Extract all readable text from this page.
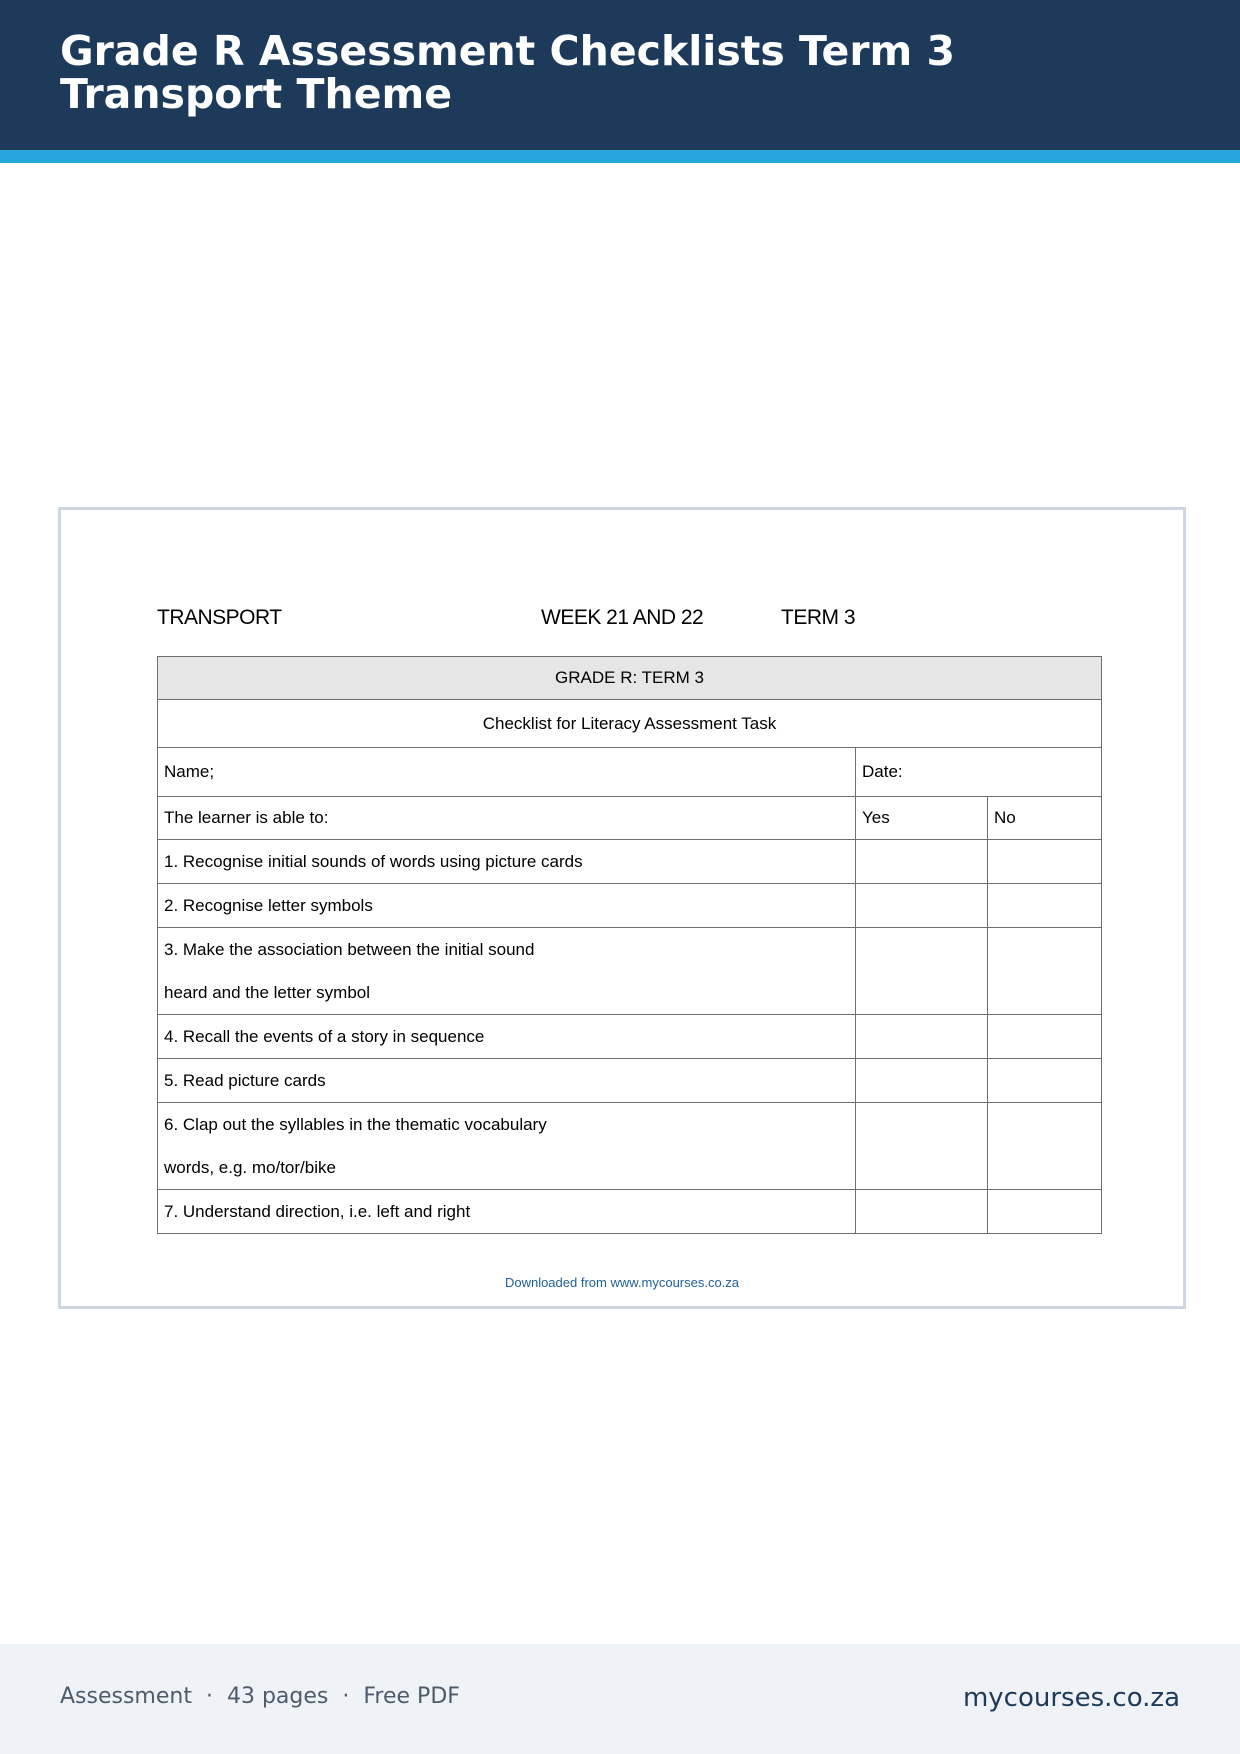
Grade R Assessment Checklists Term 3 Transport Theme
TRANSPORT	WEEK 21 AND 22	TERM 3
GRADE R: TERM 3		
Checklist for Literacy Assessment Task		
Name;	Date:	
The learner is able to:	Yes	No

1. Recognise initial sounds of words using picture cards		

2. Recognise letter symbols		

3. Make the association between the initial sound
heard and the letter symbol		

4. Recall the events of a story in sequence		

5. Read picture cards		

6. Clap out the syllables in the thematic vocabulary
words, e.g. mo/tor/bike		

7. Understand direction, i.e. left and right		

Downloaded from www.mycourses.co.za
Assessment · 43 pages · Free PDF	mycourses.co.za
